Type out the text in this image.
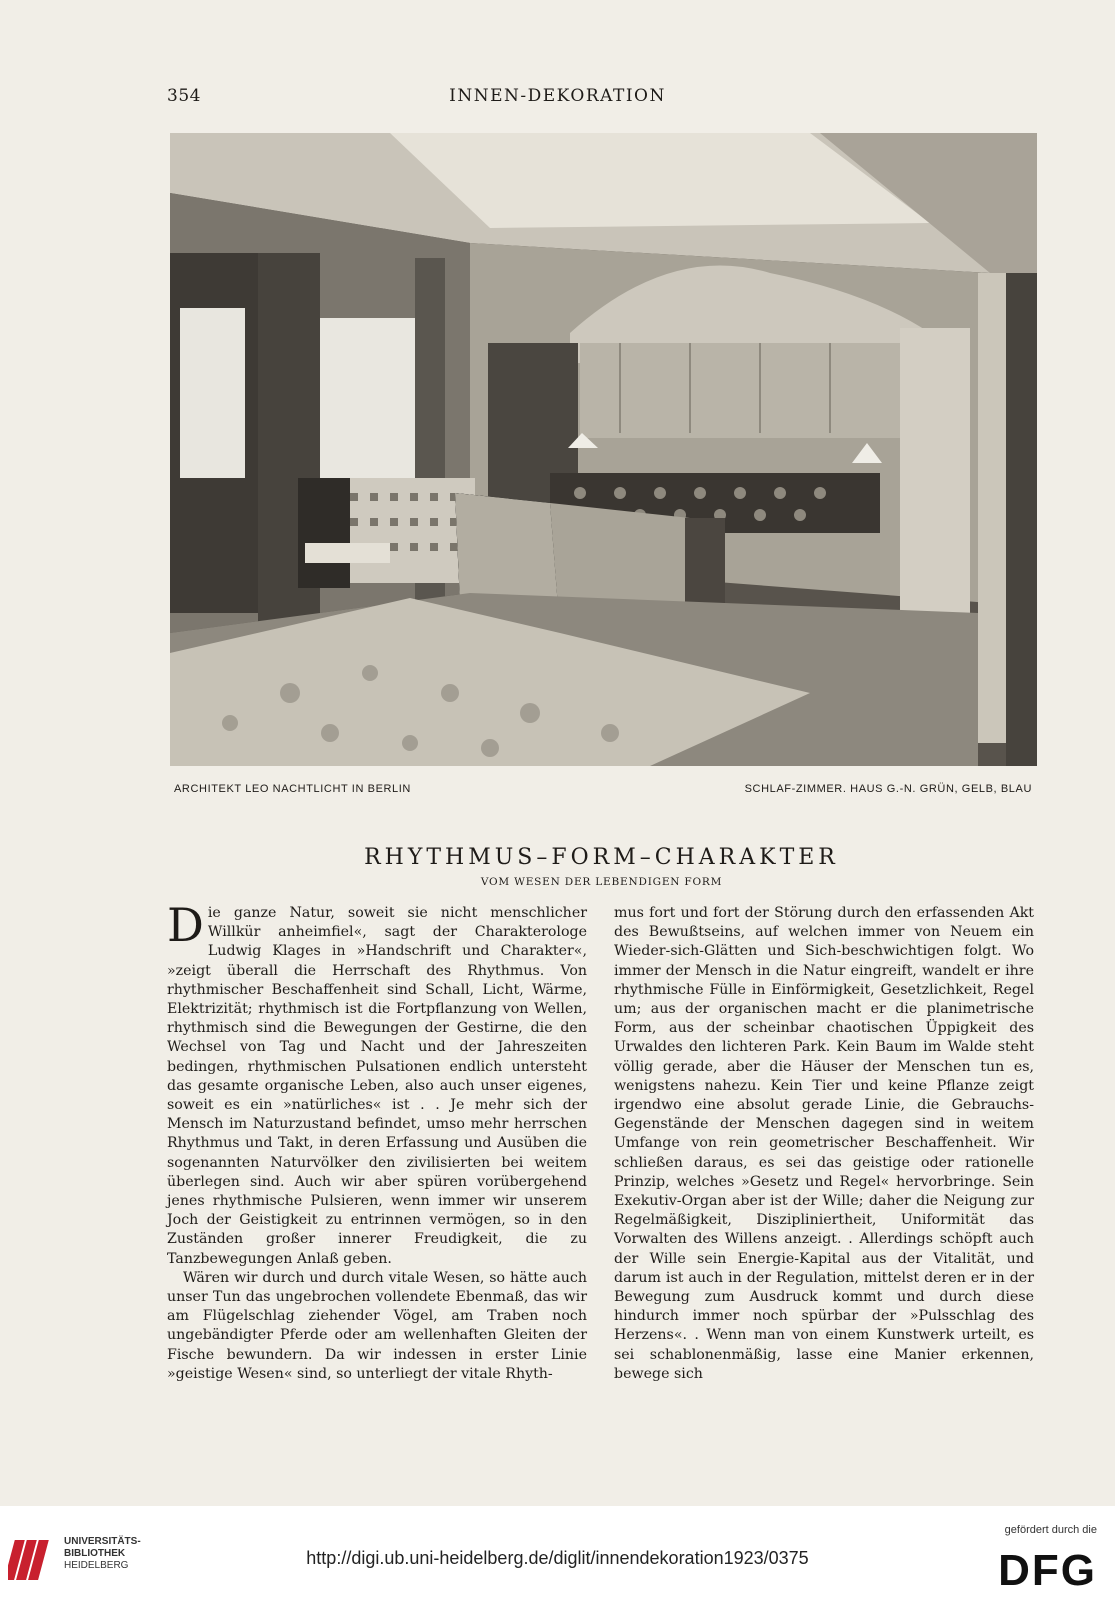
354	INNEN-DEKORATION
ARCHITEKT LEO NACHTLICHT IN BERLIN	SCHLAF-ZIMMER. HAUS G.-N. GRÜN, GELB, BLAU
RHYTHMUS–FORM–CHARAKTER
VOM WESEN DER LEBENDIGEN FORM

Die ganze Natur, soweit sie nicht menschlicher Willkür anheimfiel«, sagt der Charakterologe Ludwig Klages in »Handschrift und Charakter«, »zeigt überall die Herrschaft des Rhythmus. Von rhythmischer Beschaffenheit sind Schall, Licht, Wärme, Elektrizität; rhythmisch ist die Fortpflanzung von Wellen, rhythmisch sind die Bewegungen der Gestirne, die den Wechsel von Tag und Nacht und der Jahreszeiten bedingen, rhythmischen Pulsationen endlich untersteht das gesamte organische Leben, also auch unser eigenes, soweit es ein »natürliches« ist . . Je mehr sich der Mensch im Naturzustand befindet, umso mehr herrschen Rhythmus und Takt, in deren Erfassung und Ausüben die sogenannten Naturvölker den zivilisierten bei weitem überlegen sind. Auch wir aber spüren vorübergehend jenes rhythmische Pulsieren, wenn immer wir unserem Joch der Geistigkeit zu entrinnen vermögen, so in den Zuständen großer innerer Freudigkeit, die zu Tanzbewegungen Anlaß geben.

Wären wir durch und durch vitale Wesen, so hätte auch unser Tun das ungebrochen vollendete Ebenmaß, das wir am Flügelschlag ziehender Vögel, am Traben noch ungebändigter Pferde oder am wellenhaften Gleiten der Fische bewundern. Da wir indessen in erster Linie »geistige Wesen« sind, so unterliegt der vitale Rhyth-

mus fort und fort der Störung durch den erfassenden Akt des Bewußtseins, auf welchen immer von Neuem ein Wieder-sich-Glätten und Sich-beschwichtigen folgt. Wo immer der Mensch in die Natur eingreift, wandelt er ihre rhythmische Fülle in Einförmigkeit, Gesetzlichkeit, Regel um; aus der organischen macht er die planimetrische Form, aus der scheinbar chaotischen Üppigkeit des Urwaldes den lichteren Park. Kein Baum im Walde steht völlig gerade, aber die Häuser der Menschen tun es, wenigstens nahezu. Kein Tier und keine Pflanze zeigt irgendwo eine absolut gerade Linie, die Gebrauchs-Gegenstände der Menschen dagegen sind in weitem Umfange von rein geometrischer Beschaffenheit. Wir schließen daraus, es sei das geistige oder rationelle Prinzip, welches »Gesetz und Regel« hervorbringe. Sein Exekutiv-Organ aber ist der Wille; daher die Neigung zur Regelmäßigkeit, Diszipliniertheit, Uniformität das Vorwalten des Willens anzeigt. . Allerdings schöpft auch der Wille sein Energie-Kapital aus der Vitalität, und darum ist auch in der Regulation, mittelst deren er in der Bewegung zum Ausdruck kommt und durch diese hindurch immer noch spürbar der »Pulsschlag des Herzens«. . Wenn man von einem Kunstwerk urteilt, es sei schablonenmäßig, lasse eine Manier erkennen, bewege sich

UNIVERSITÄTS-
BIBLIOTHEK
HEIDELBERG	http://digi.ub.uni-heidelberg.de/diglit/innendekoration1923/0375
gefördert durch die
DFG
